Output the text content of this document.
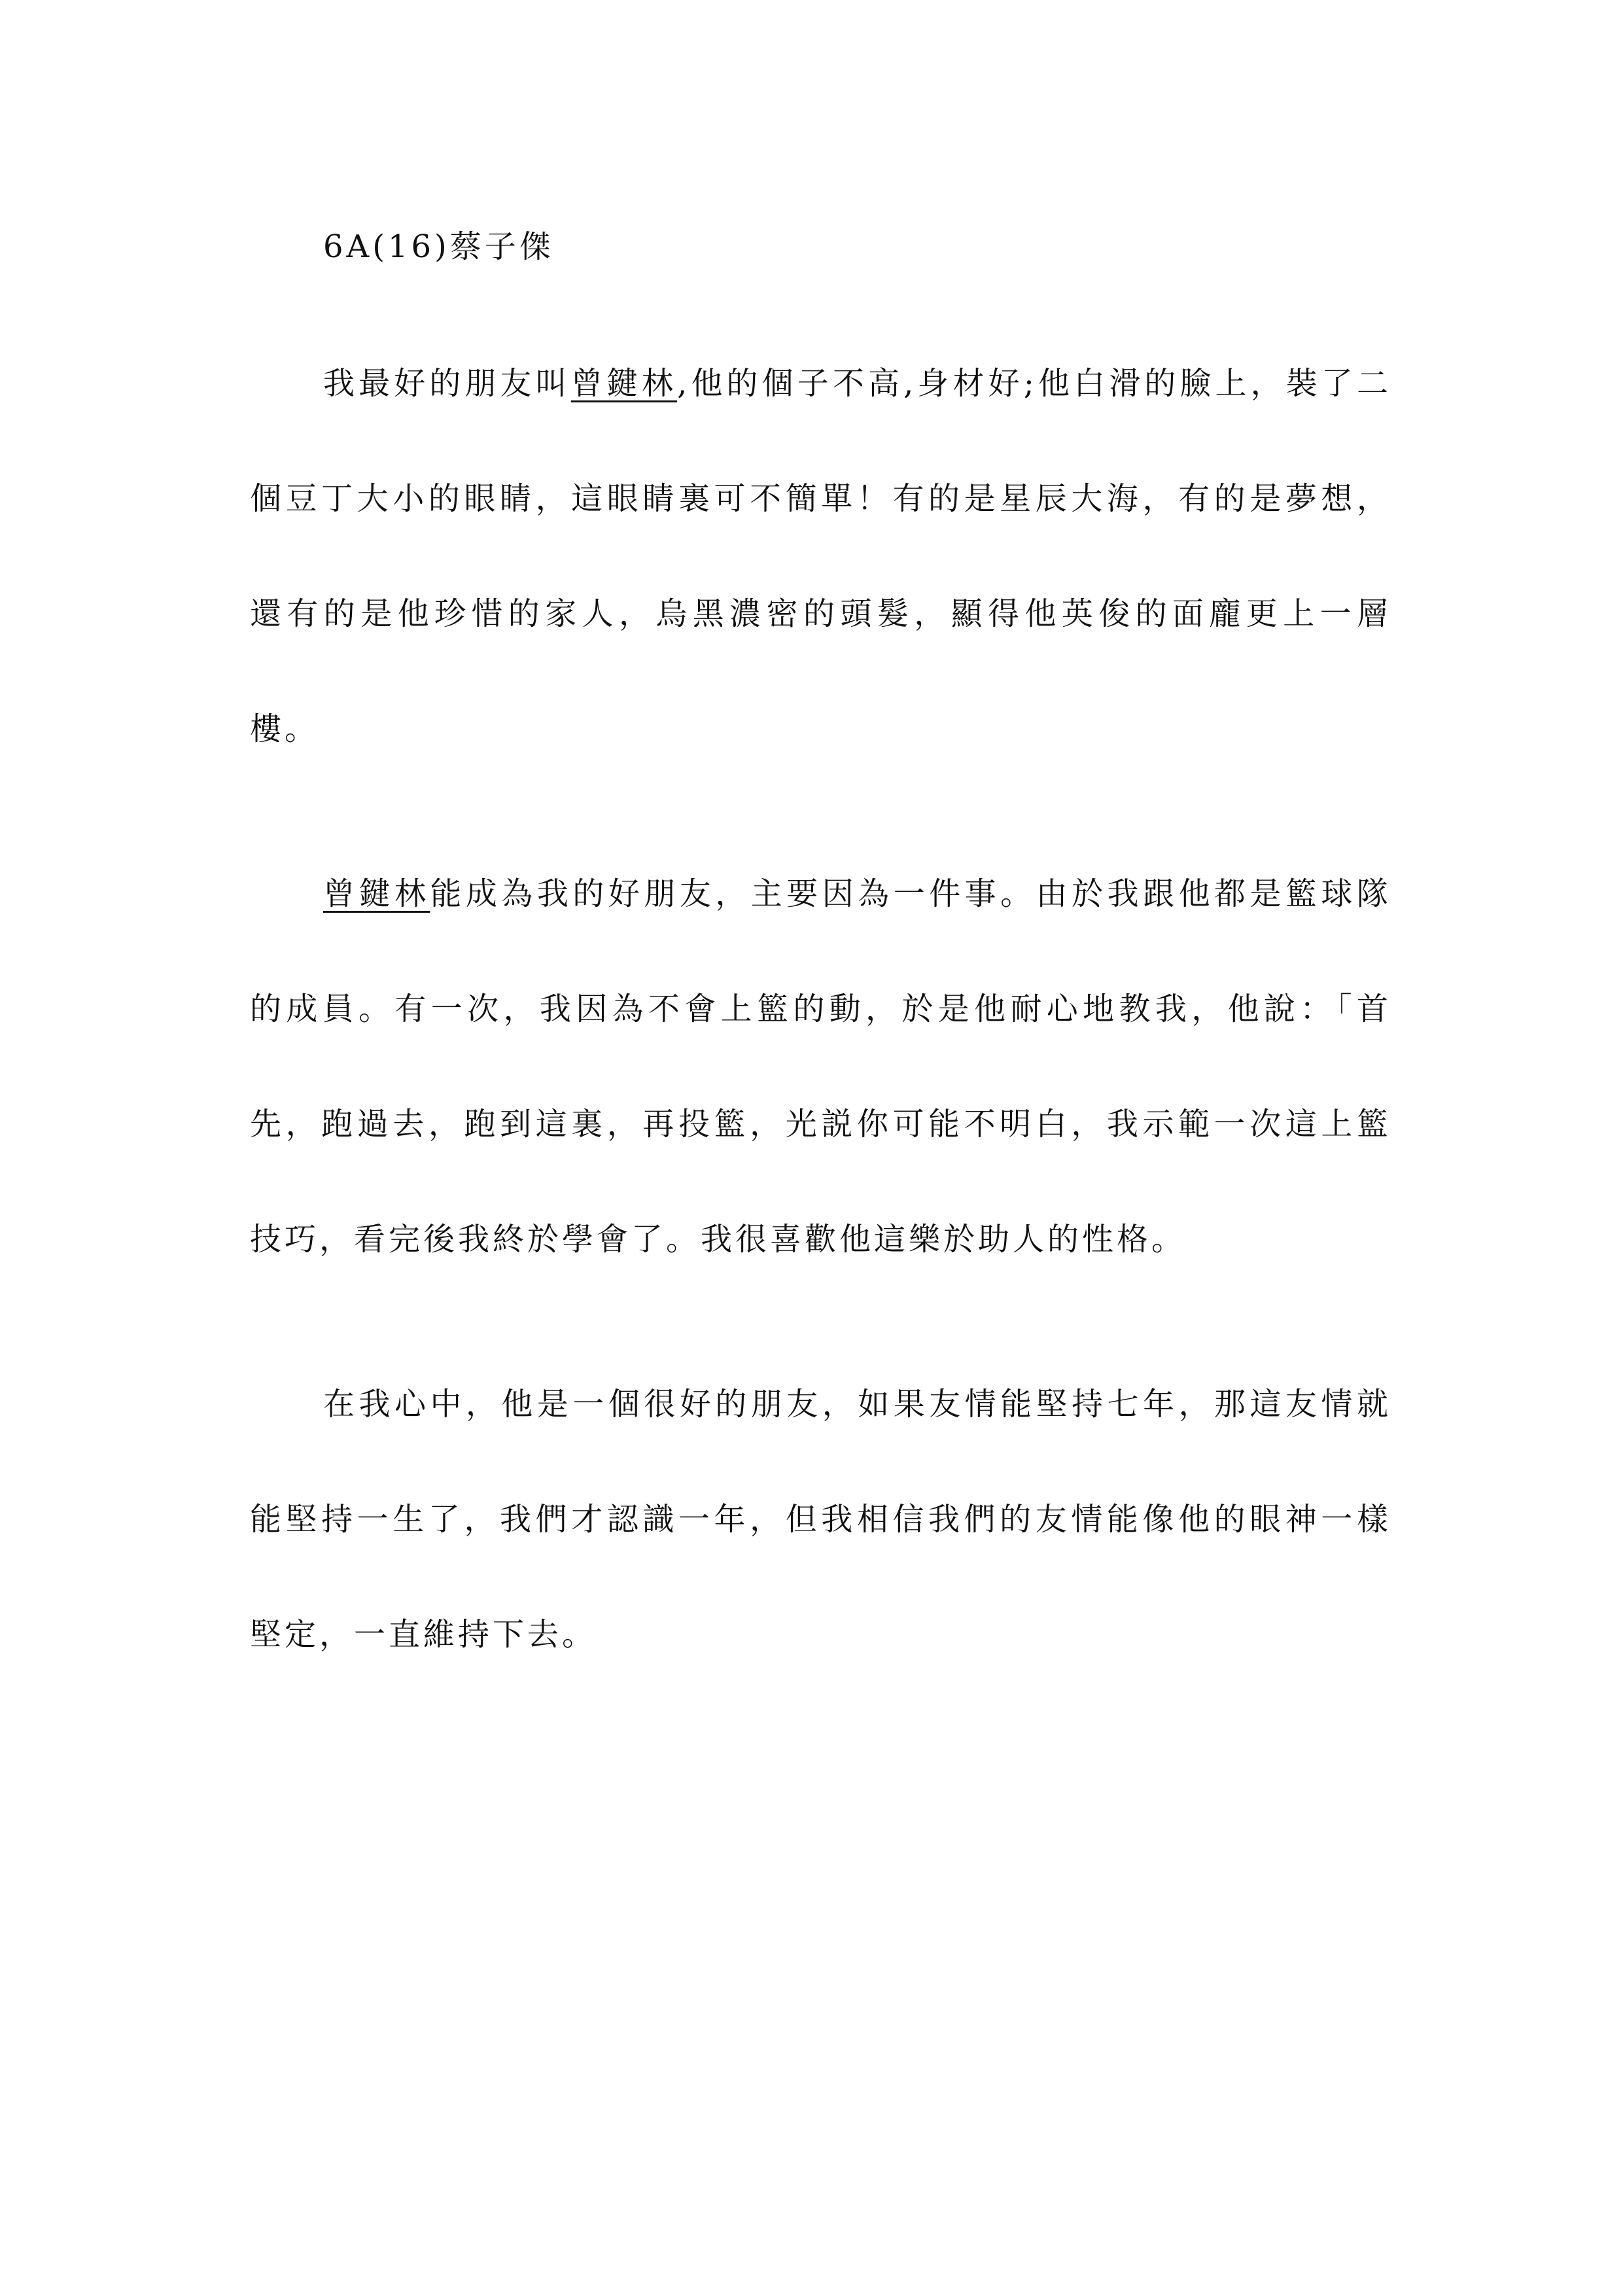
6A(16)蔡子傑

我最好的朋友叫曾鍵林,他的個子不高,身材好;他白滑的臉上，裝了二個豆丁大小的眼睛，這眼睛裏可不簡單！有的是星辰大海，有的是夢想，還有的是他珍惜的家人，烏黑濃密的頭髮，顯得他英俊的面龐更上一層樓。

曾鍵林能成為我的好朋友，主要因為一件事。由於我跟他都是籃球隊的成員。有一次，我因為不會上籃的動，於是他耐心地教我，他說：「首先，跑過去，跑到這裏，再投籃，光説你可能不明白，我示範一次這上籃技巧，看完後我終於學會了。我很喜歡他這樂於助人的性格。

在我心中，他是一個很好的朋友，如果友情能堅持七年，那這友情就能堅持一生了，我們才認識一年，但我相信我們的友情能像他的眼神一樣堅定，一直維持下去。
